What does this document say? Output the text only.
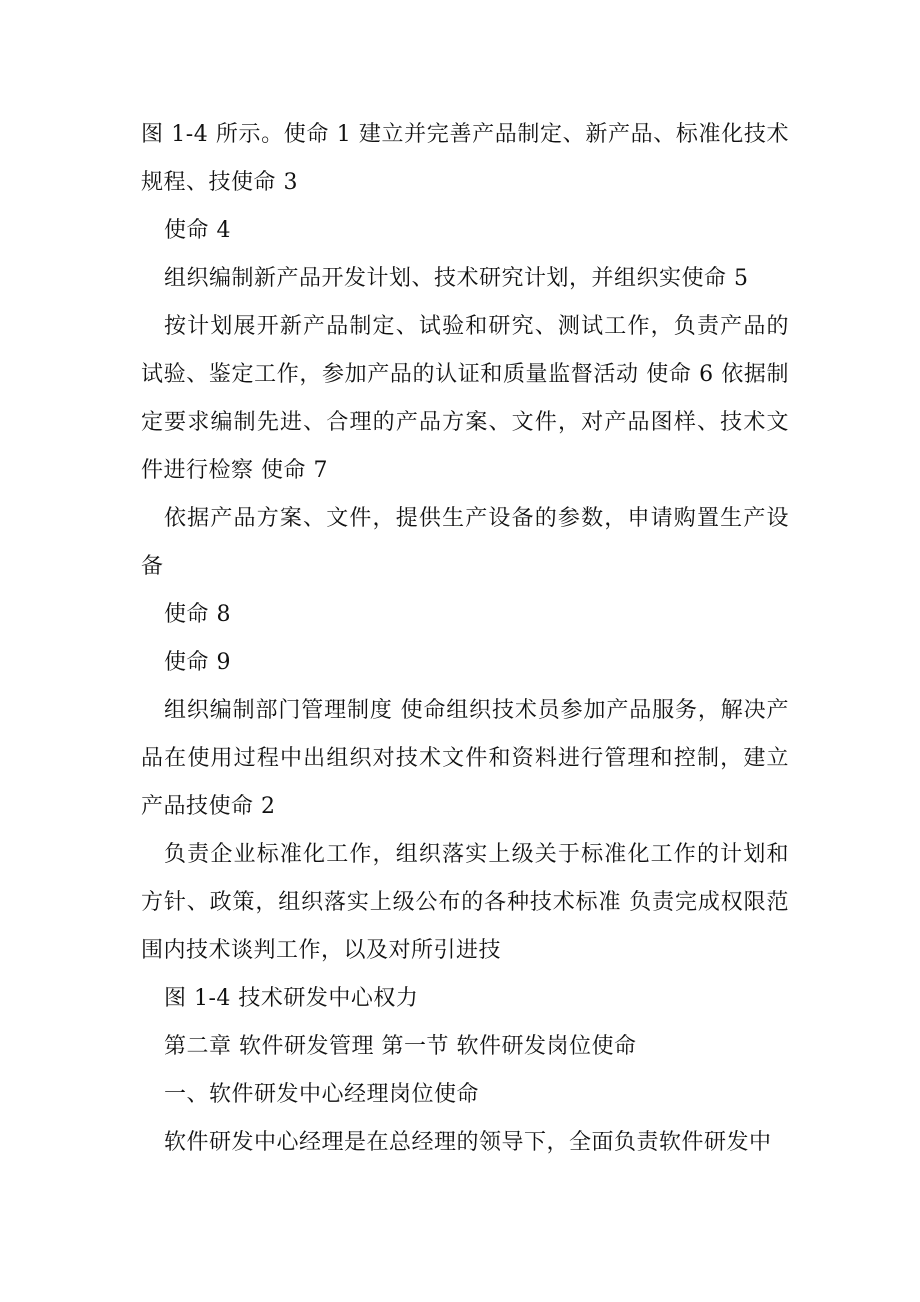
图 1-4 所示。使命 1 建立并完善产品制定、新产品、标准化技术规程、技使命 3

使命 4

组织编制新产品开发计划、技术研究计划，并组织实使命 5

按计划展开新产品制定、试验和研究、测试工作，负责产品的试验、鉴定工作，参加产品的认证和质量监督活动 使命 6 依据制定要求编制先进、合理的产品方案、文件，对产品图样、技术文件进行检察 使命 7

依据产品方案、文件，提供生产设备的参数，申请购置生产设备

使命 8

使命 9

组织编制部门管理制度 使命组织技术员参加产品服务，解决产品在使用过程中出组织对技术文件和资料进行管理和控制，建立产品技使命 2

负责企业标准化工作，组织落实上级关于标准化工作的计划和方针、政策，组织落实上级公布的各种技术标准 负责完成权限范围内技术谈判工作，以及对所引进技

图 1-4 技术研发中心权力

第二章 软件研发管理 第一节 软件研发岗位使命

一、软件研发中心经理岗位使命

软件研发中心经理是在总经理的领导下，全面负责软件研发中
